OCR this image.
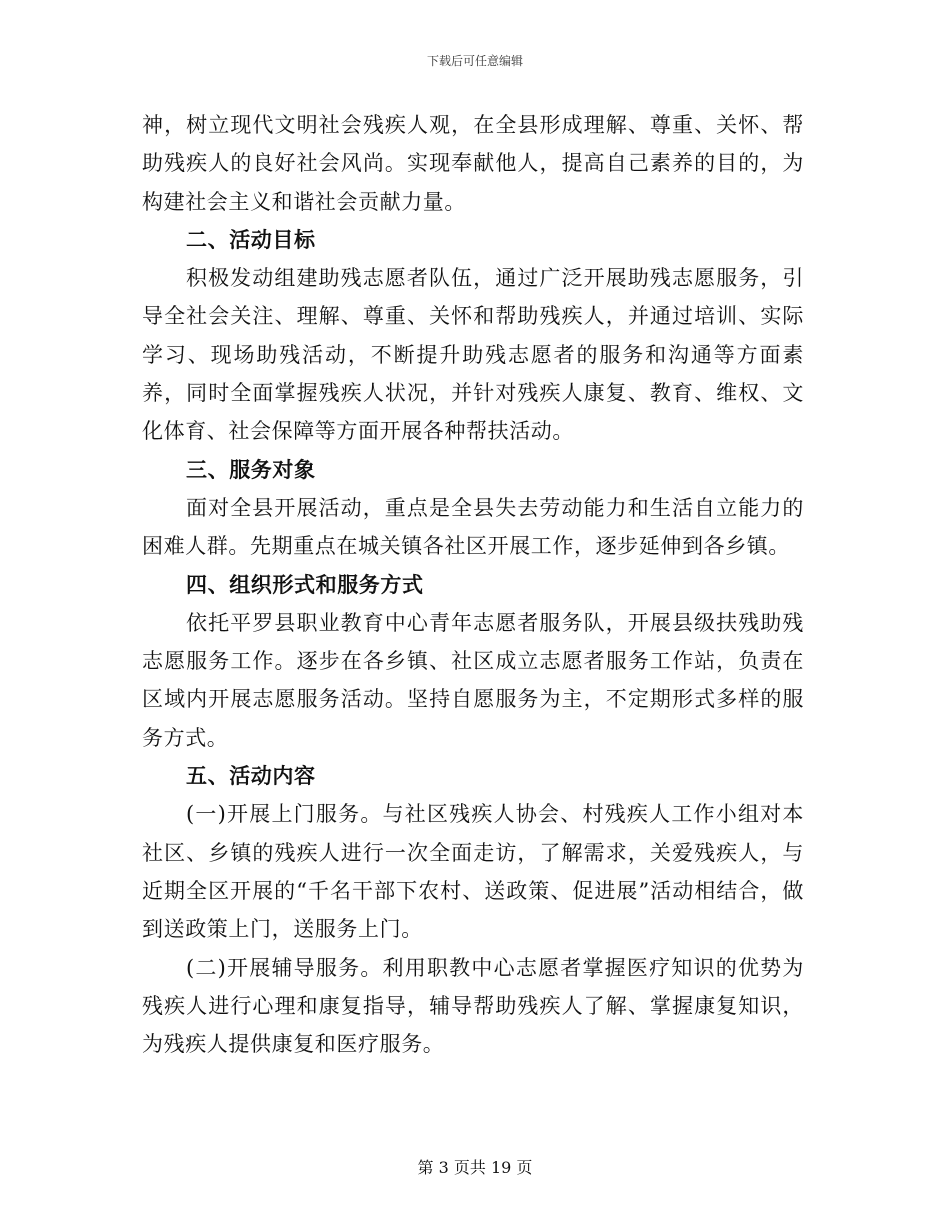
下载后可任意编辑

神，树立现代文明社会残疾人观，在全县形成理解、尊重、关怀、帮助残疾人的良好社会风尚。实现奉献他人，提高自己素养的目的，为构建社会主义和谐社会贡献力量。

二、活动目标

积极发动组建助残志愿者队伍，通过广泛开展助残志愿服务，引导全社会关注、理解、尊重、关怀和帮助残疾人，并通过培训、实际学习、现场助残活动，不断提升助残志愿者的服务和沟通等方面素养，同时全面掌握残疾人状况，并针对残疾人康复、教育、维权、文化体育、社会保障等方面开展各种帮扶活动。

三、服务对象

面对全县开展活动，重点是全县失去劳动能力和生活自立能力的困难人群。先期重点在城关镇各社区开展工作，逐步延伸到各乡镇。

四、组织形式和服务方式

依托平罗县职业教育中心青年志愿者服务队，开展县级扶残助残志愿服务工作。逐步在各乡镇、社区成立志愿者服务工作站，负责在区域内开展志愿服务活动。坚持自愿服务为主，不定期形式多样的服务方式。

五、活动内容

(一)开展上门服务。与社区残疾人协会、村残疾人工作小组对本社区、乡镇的残疾人进行一次全面走访，了解需求，关爱残疾人，与近期全区开展的“千名干部下农村、送政策、促进展”活动相结合，做到送政策上门，送服务上门。

(二)开展辅导服务。利用职教中心志愿者掌握医疗知识的优势为残疾人进行心理和康复指导，辅导帮助残疾人了解、掌握康复知识，为残疾人提供康复和医疗服务。

第 3 页共 19 页
